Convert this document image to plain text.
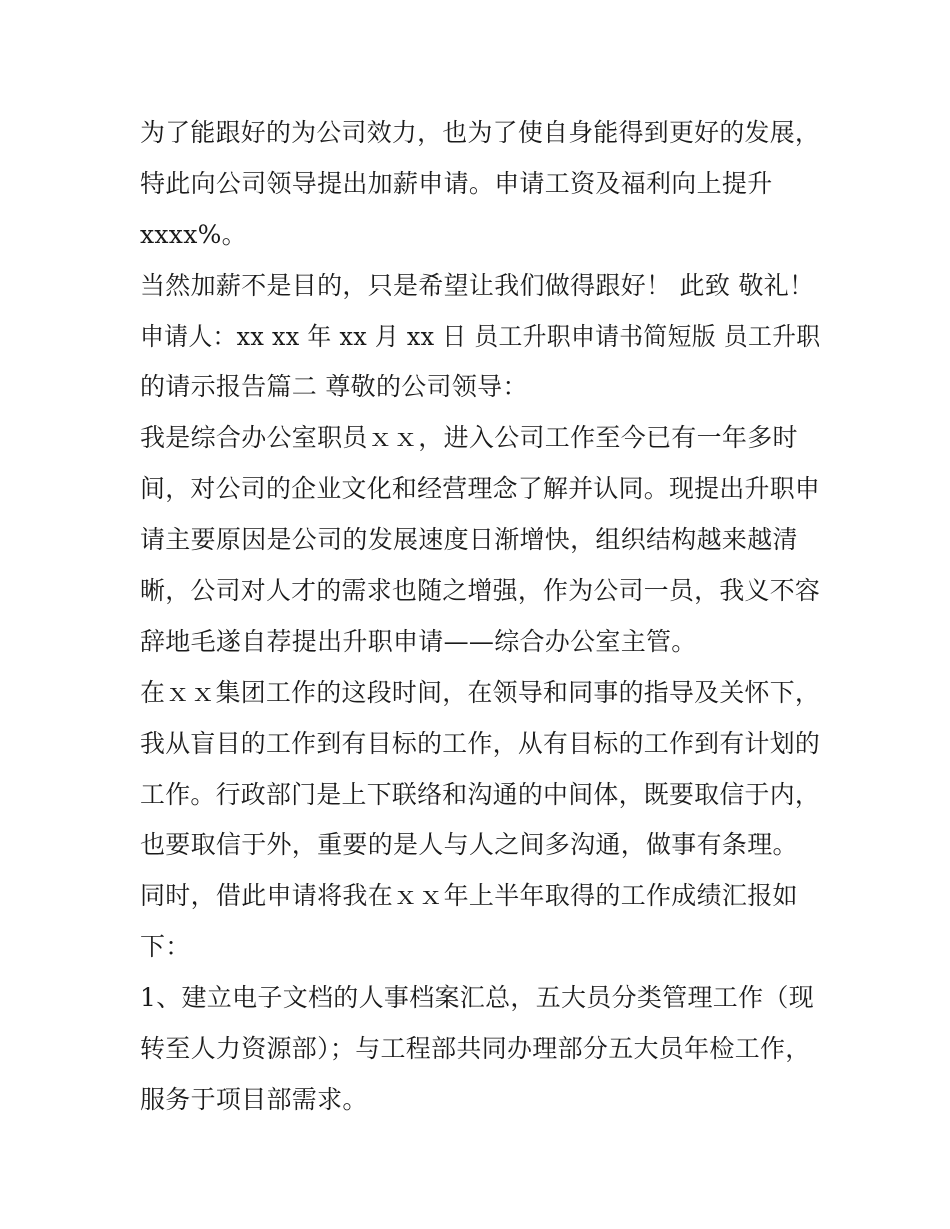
为了能跟好的为公司效力，也为了使自身能得到更好的发展，
特此向公司领导提出加薪申请。申请工资及福利向上提升
xxxx%。
当然加薪不是目的，只是希望让我们做得跟好！ 此致 敬礼！
申请人：xx xx 年 xx 月 xx 日 员工升职申请书简短版 员工升职
的请示报告篇二 尊敬的公司领导：
我是综合办公室职员ｘｘ，进入公司工作至今已有一年多时
间，对公司的企业文化和经营理念了解并认同。现提出升职申
请主要原因是公司的发展速度日渐增快，组织结构越来越清
晰，公司对人才的需求也随之增强，作为公司一员，我义不容
辞地毛遂自荐提出升职申请——综合办公室主管。
在ｘｘ集团工作的这段时间，在领导和同事的指导及关怀下，
我从盲目的工作到有目标的工作，从有目标的工作到有计划的
工作。行政部门是上下联络和沟通的中间体，既要取信于内，
也要取信于外，重要的是人与人之间多沟通，做事有条理。
同时，借此申请将我在ｘｘ年上半年取得的工作成绩汇报如
下：
1、建立电子文档的人事档案汇总，五大员分类管理工作（现
转至人力资源部）；与工程部共同办理部分五大员年检工作，
服务于项目部需求。
